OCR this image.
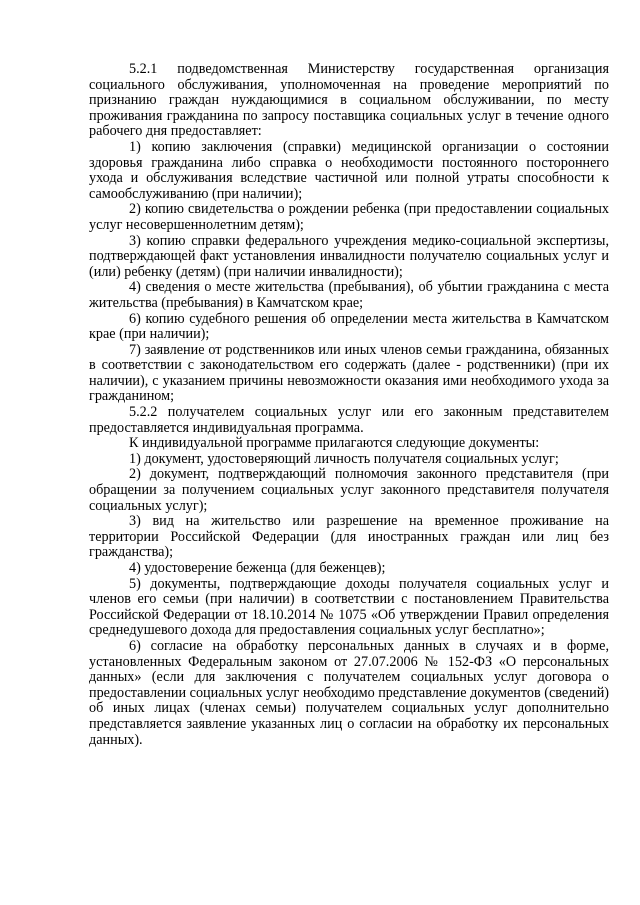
5.2.1 подведомственная Министерству государственная организация социального обслуживания, уполномоченная на проведение мероприятий по признанию граждан нуждающимися в социальном обслуживании, по месту проживания гражданина по запросу поставщика социальных услуг в течение одного рабочего дня предоставляет:

1) копию заключения (справки) медицинской организации о состоянии здоровья гражданина либо справка о необходимости постоянного постороннего ухода и обслуживания вследствие частичной или полной утраты способности к самообслуживанию (при наличии);

2) копию свидетельства о рождении ребенка (при предоставлении социальных услуг несовершеннолетним детям);

3) копию справки федерального учреждения медико-социальной экспертизы, подтверждающей факт установления инвалидности получателю социальных услуг и (или) ребенку (детям) (при наличии инвалидности);

4) сведения о месте жительства (пребывания), об убытии гражданина с места жительства (пребывания) в Камчатском крае;

6) копию судебного решения об определении места жительства в Камчатском крае (при наличии);

7) заявление от родственников или иных членов семьи гражданина, обязанных в соответствии с законодательством его содержать (далее - родственники) (при их наличии), с указанием причины невозможности оказания ими необходимого ухода за гражданином;

5.2.2 получателем социальных услуг или его законным представителем предоставляется индивидуальная программа.

К индивидуальной программе прилагаются следующие документы:

1) документ, удостоверяющий личность получателя социальных услуг;

2) документ, подтверждающий полномочия законного представителя (при обращении за получением социальных услуг законного представителя получателя социальных услуг);

3) вид на жительство или разрешение на временное проживание на территории Российской Федерации (для иностранных граждан или лиц без гражданства);

4) удостоверение беженца (для беженцев);

5) документы, подтверждающие доходы получателя социальных услуг и членов его семьи (при наличии) в соответствии с постановлением Правительства Российской Федерации от 18.10.2014 № 1075 «Об утверждении Правил определения среднедушевого дохода для предоставления социальных услуг бесплатно»;

6) согласие на обработку персональных данных в случаях и в форме, установленных Федеральным законом от 27.07.2006 № 152-ФЗ «О персональных данных» (если для заключения с получателем социальных услуг договора о предоставлении социальных услуг необходимо представление документов (сведений) об иных лицах (членах семьи) получателем социальных услуг дополнительно представляется заявление указанных лиц о согласии на обработку их персональных данных).
